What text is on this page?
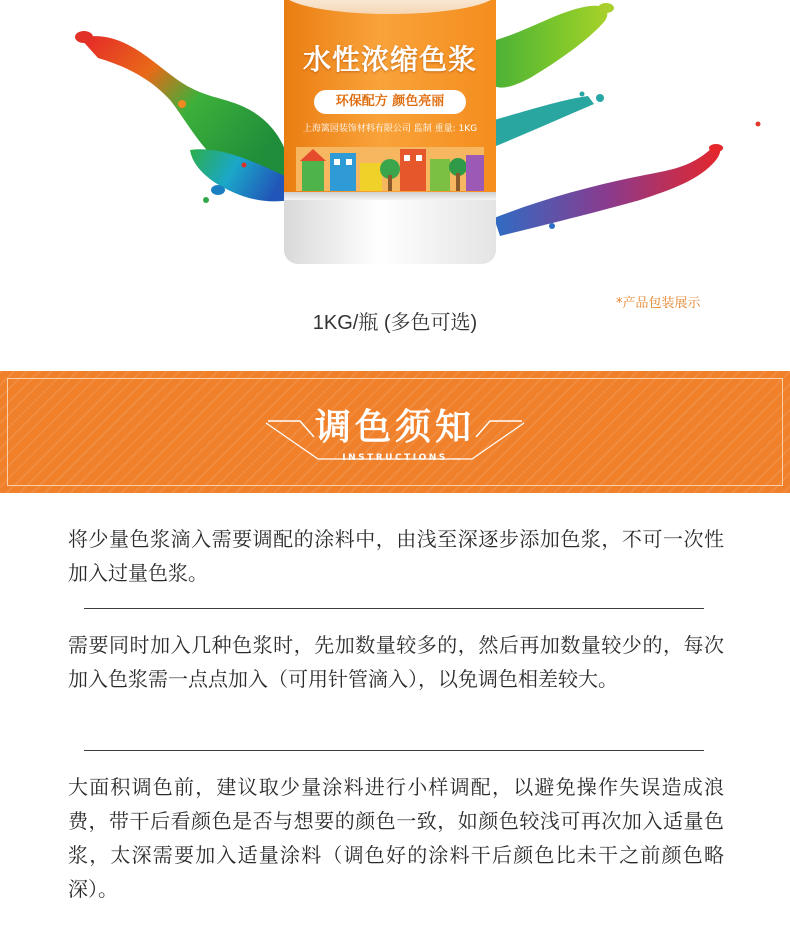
水性浓缩色浆
环保配方 颜色亮丽
上海篱园装饰材料有限公司 监制 重量: 1KG
1KG/瓶 (多色可选)
*产品包装展示
调色须知
INSTRUCTIONS

将少量色浆滴入需要调配的涂料中，由浅至深逐步添加色浆，不可一次性加入过量色浆。

需要同时加入几种色浆时，先加数量较多的，然后再加数量较少的，每次加入色浆需一点点加入（可用针管滴入），以免调色相差较大。

大面积调色前，建议取少量涂料进行小样调配，以避免操作失误造成浪费，带干后看颜色是否与想要的颜色一致，如颜色较浅可再次加入适量色浆，太深需要加入适量涂料（调色好的涂料干后颜色比未干之前颜色略深）。
